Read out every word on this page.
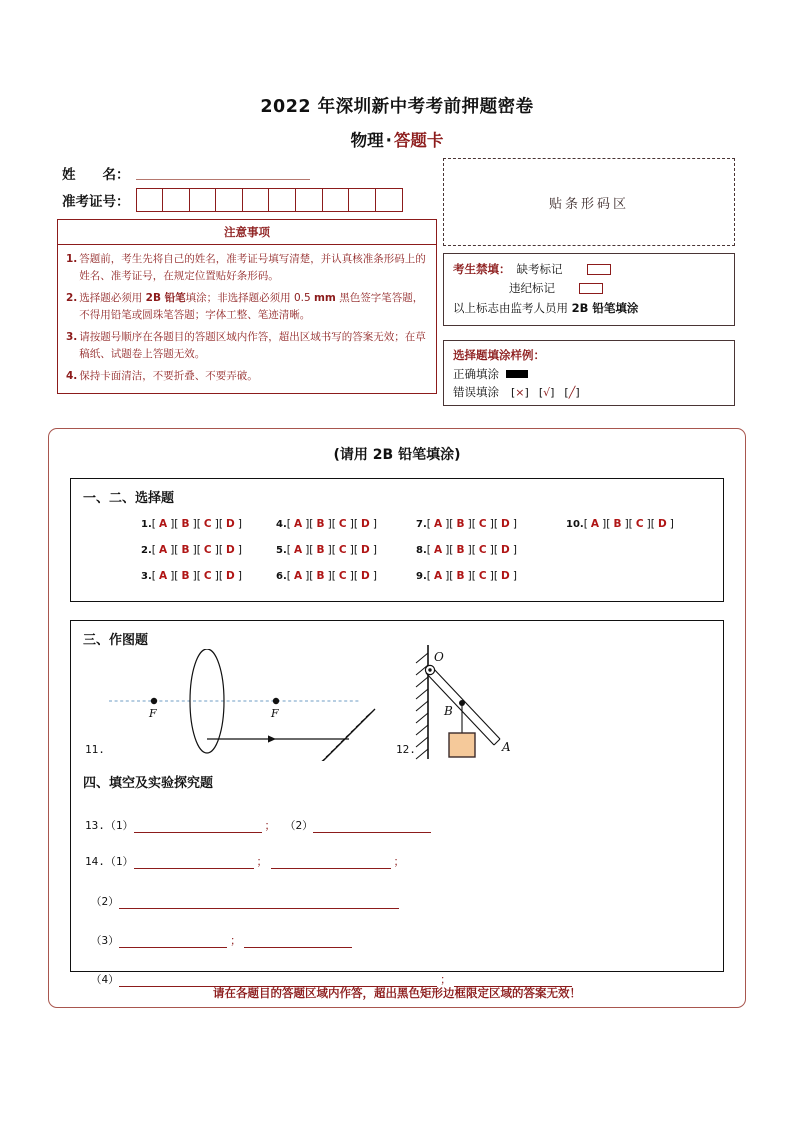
2022 年深圳新中考考前押题密卷
物理 · 答题卡
姓　　名：
准考证号：
注意事项
1. 答题前，考生先将自己的姓名，准考证号填写清楚，并认真核准条形码上的姓名、准考证号，在规定位置贴好条形码。
2. 选择题必须用 2B 铅笔填涂；非选择题必须用 0.5 mm 黑色签字笔答题，不得用铅笔或圆珠笔答题；字体工整、笔迹清晰。
3. 请按题号顺序在各题目的答题区域内作答，超出区域书写的答案无效；在草稿纸、试题卷上答题无效。
4. 保持卡面清洁，不要折叠、不要弄破。
贴条形码区
考生禁填： 缺考标记
违纪标记
以上标志由监考人员用 2B 铅笔填涂
选择题填涂样例：
正确填涂
错误填涂 [×] [√] [╱]
(请用 2B 铅笔填涂)
一、二、选择题
1.[ A ][ B ][ C ][ D ]	4.[ A ][ B ][ C ][ D ]	7.[ A ][ B ][ C ][ D ]	10.[ A ][ B ][ C ][ D ]
2.[ A ][ B ][ C ][ D ]	5.[ A ][ B ][ C ][ D ]	8.[ A ][ B ][ C ][ D ]
3.[ A ][ B ][ C ][ D ]	6.[ A ][ B ][ C ][ D ]	9.[ A ][ B ][ C ][ D ]
三、作图题
F	F
O
B
A
11.	12.
四、填空及实验探究题
13.（1）	； （2）
14.（1）	；	；
　（2）
　（3）	；
　（4）	；
请在各题目的答题区域内作答，超出黑色矩形边框限定区域的答案无效！
